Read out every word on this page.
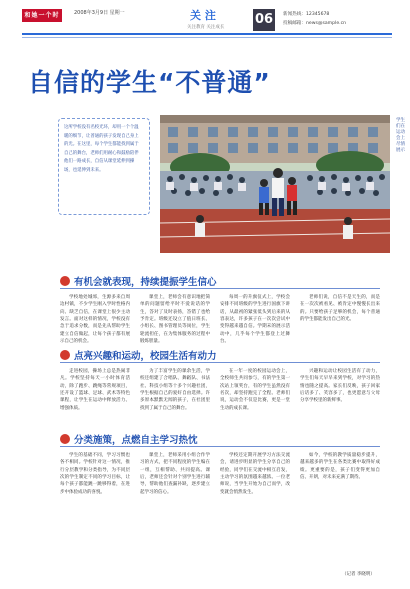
和她一个时代
2008年3月9日 星期一	关 注
关注教育 关注成长
06	新闻热线：12345678
投稿邮箱：news@sample.cn
自信的学生“不普通”
这所学校没有名校光环，却用一个个温暖的细节，让普通的孩子发现自己身上的光。在这里，每个学生都能找到属于自己的舞台，老师们用耐心和鼓励陪伴他们一路成长，自信从课堂延伸到操场，也延伸到未来。
学生们在运动会上尽情展示
有机会就表现，持续提振学生信心

学校地处城郊，生源多来自周边村镇，不少学生刚入学时性格内向、缺乏自信，在课堂上很少主动发言。面对这样的情况，学校没有急于追求分数，而是先从帮助学生建立自信做起，让每个孩子都有展示自己的机会。

课堂上，老师会有意识地把简单的问题留给平时不爱说话的学生，答对了及时表扬，答错了也给予肯定。班级还设立了值日班长、小组长、图书管理员等岗位，学生轮流担任，在为集体服务的过程中锻炼胆量。

每周一的升旗仪式上，学校会安排不同班级的学生进行国旗下讲话，从最初的紧张低头到后来的从容表达，许多孩子在一次次尝试中变得越来越自信。学期末的展示活动中，几乎每个学生都登上过舞台。

老师们说，自信不是天生的，而是在一次次被看见、被肯定中慢慢长出来的。只要给孩子足够的机会，每个普通的学生都能发出自己的光。

点亮兴趣和运动，校园生活有动力

走进校园，操场上总是热闹非凡。学校坚持每天一小时体育活动，除了跑步、跳绳等常规项目，还开设了篮球、足球、武术等特色课程，让学生在运动中释放活力、增强体质。

为了丰富学生的课余生活，学校还组建了合唱队、舞蹈队、书法社、科技小组等十多个兴趣社团，学生根据自己的爱好自由选择。许多原本默默无闻的孩子，在社团里找到了属于自己的舞台。

在一年一度的校园运动会上，全校师生共同参与，有的学生第一次站上领奖台，有的学生虽然没有名次，却坚持跑完了全程。老师们说，运动会不仅是比赛，更是一堂生动的成长课。

兴趣和运动让校园生活有了动力，学生们每天早早来到学校，对学习的热情也随之提高。家长们反映，孩子回家后话多了、笑容多了，也更愿意与父母分享学校里的新鲜事。

分类施策，点燃自主学习热忱

学生的基础不同，学习习惯也各不相同。学校针对这一情况，推行分层教学和分类指导，为不同层次的学生制定不同的学习目标，让每个孩子都能跳一跳够得着，在进步中体验成功的喜悦。

课堂上，老师采用小组合作学习的方式，把不同程度的学生编在一组，互相帮助、共同提高。课后，老师还会针对个别学生进行辅导，帮助他们查漏补缺，逐步建立起学习的信心。

学校还定期开展学习方法交流会，请进步明显的学生分享自己的经验，同学们在交流中相互启发，主动学习的氛围越来越浓。一位老师说，当学生开始为自己而学，改变就会悄然发生。

如今，学校的教学质量稳步提升，越来越多的学生在各类比赛中取得好成绩。更重要的是，孩子们变得更加自信、开朗，对未来充满了期待。

（记者 李晓明）
